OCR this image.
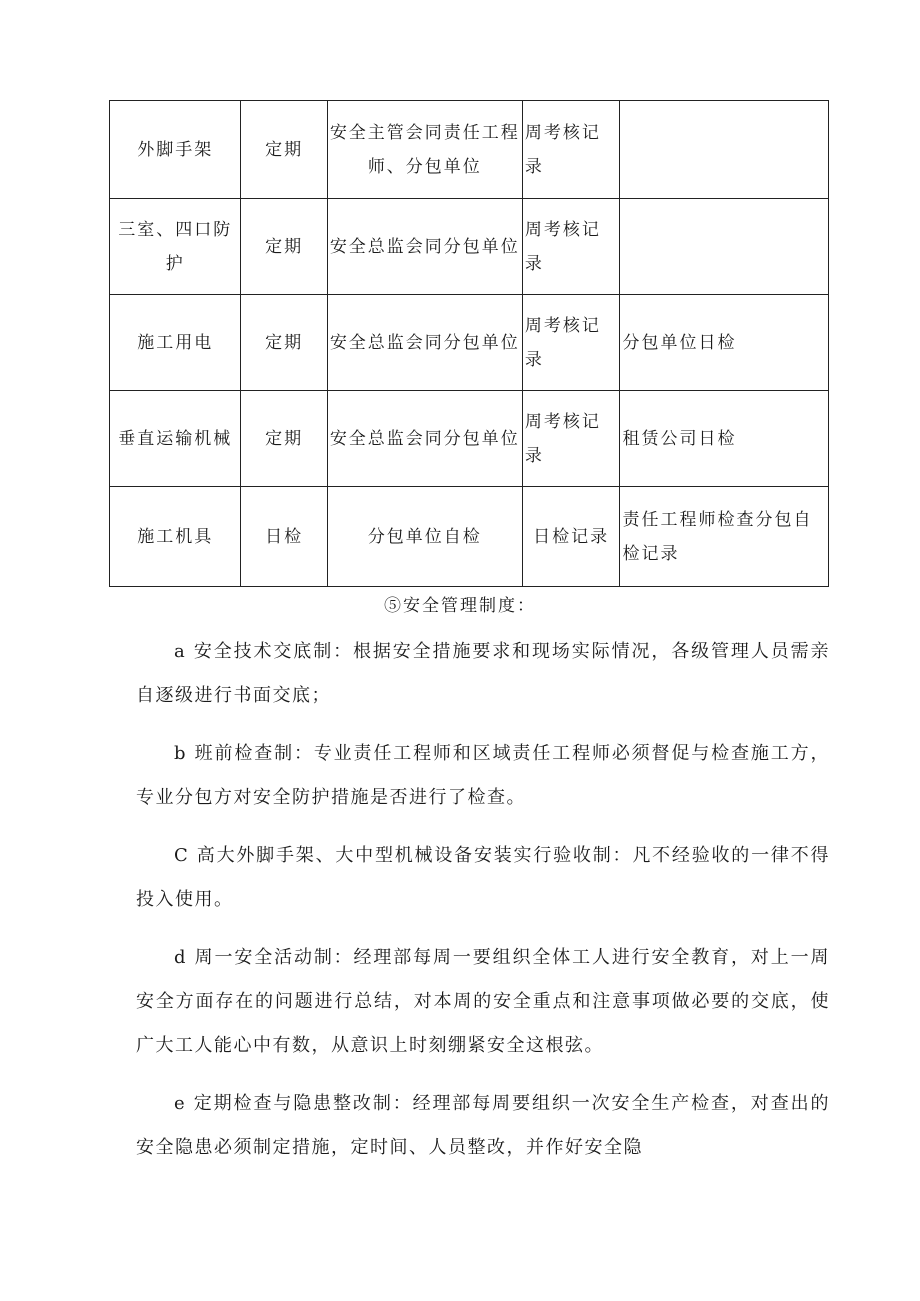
外脚手架	定期	安全主管会同责任工程师、分包单位	周考核记录	
三室、四口防护	定期	安全总监会同分包单位	周考核记录	
施工用电	定期	安全总监会同分包单位	周考核记录	分包单位日检
垂直运输机械	定期	安全总监会同分包单位	周考核记录	租赁公司日检
施工机具	日检	分包单位自检	日检记录	责任工程师检查分包自检记录
⑤安全管理制度：

a 安全技术交底制：根据安全措施要求和现场实际情况，各级管理人员需亲自逐级进行书面交底；

b 班前检查制：专业责任工程师和区域责任工程师必须督促与检查施工方，专业分包方对安全防护措施是否进行了检查。

C 高大外脚手架、大中型机械设备安装实行验收制：凡不经验收的一律不得投入使用。

d 周一安全活动制：经理部每周一要组织全体工人进行安全教育，对上一周安全方面存在的问题进行总结，对本周的安全重点和注意事项做必要的交底，使广大工人能心中有数，从意识上时刻绷紧安全这根弦。

e 定期检查与隐患整改制：经理部每周要组织一次安全生产检查，对查出的安全隐患必须制定措施，定时间、人员整改，并作好安全隐
